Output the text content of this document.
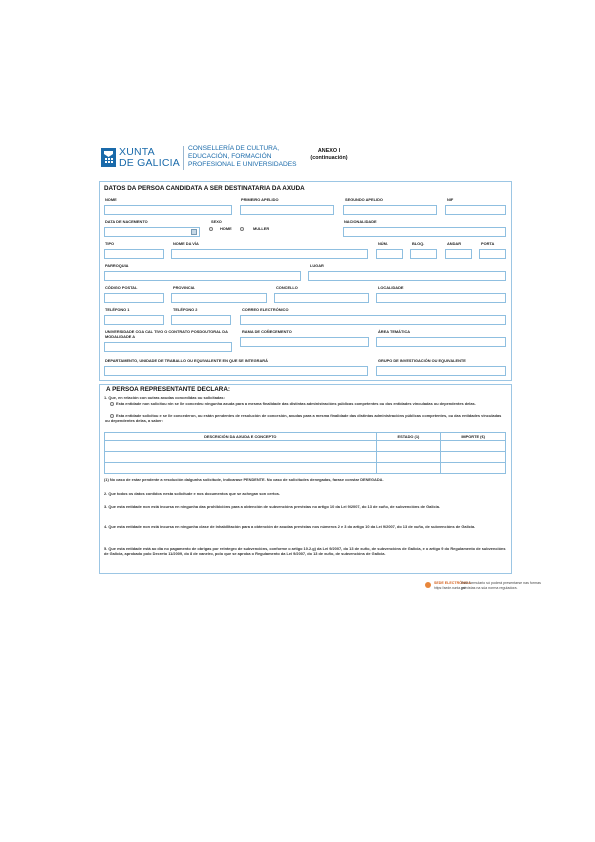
XUNTA
DE GALICIA
CONSELLERÍA DE CULTURA,
EDUCACIÓN, FORMACIÓN
PROFESIONAL E UNIVERSIDADES
ANEXO I
(continuación)
DATOS DA PERSOA CANDIDATA A SER DESTINATARIA DA AXUDA
NOME	PRIMEIRO APELIDO	SEGUNDO APELIDO	NIF
DATA DE NACEMENTO	SEXO
HOME	MULLER
NACIONALIDADE
TIPO	NOME DA VÍA	NÚM.	BLOQ.	ANDAR	PORTA
PARROQUIA	LUGAR
CÓDIGO POSTAL	PROVINCIA	CONCELLO	LOCALIDADE
TELÉFONO 1	TELÉFONO 2	CORREO ELECTRÓNICO
UNIVERSIDADE COA CAL TIVO O CONTRATO POSDOUTORAL DA MODALIDADE A
RAMA DE COÑECEMENTO	ÁREA TEMÁTICA
DEPARTAMENTO, UNIDADE DE TRABALLO OU EQUIVALENTE EN QUE SE INTEGRARÁ	GRUPO DE INVESTIGACIÓN OU EQUIVALENTE
A PERSOA REPRESENTANTE DECLARA:
1. Que, en relación con outras axudas concedidas ou solicitadas:
Esta entidade non solicitou nin se lle concedeu ningunha axuda para a mesma finalidade das distintas administracións públicas competentes ou dos entidades vinculadas ou dependentes delas.
Esta entidade solicitou e se lle concederon, ou están pendentes de resolución de concesión, axudas para a mesma finalidade das distintas administracións públicas competentes, ou das entidades vinculadas ou dependentes delas, a saber:
DESCRICIÓN DA AXUDA E CONCEPTO	ESTADO (1)	IMPORTE (€)

(1) No caso de estar pendente a resolución dalgunha solicitude, indicarase PENDENTE. No caso de solicitudes denegadas, farase constar DENEGADA.
2. Que todos os datos contidos nesta solicitude e nos documentos que se achegan son certos.
3. Que esta entidade non está incursa en ningunha das prohibicións para a obtención de subvencións previstas no artigo 10 da Lei 9/2007, do 13 de xuño, de subvencións de Galicia.
4. Que esta entidade non está incursa en ningunha clase de inhabilitación para a obtención de axudas previstas nos números 2 e 3 do artigo 10 da Lei 9/2007, do 13 de xuño, de subvencións de Galicia.
5. Que esta entidade está ao día no pagamento de obrigas por reintegro de subvencións, conforme o artigo 10.2.g) da Lei 9/2007, do 13 de xuño, de subvencións de Galicia, e o artigo 9 do Regulamento de subvencións de Galicia, aprobado polo Decreto 11/2009, do 8 de xaneiro, polo que se aproba o Regulamento da Lei 9/2007, do 13 de xuño, de subvencións de Galicia.
SEDE ELECTRÓNICA
https://sede.xunta.gal
Este formulario só poderá presentarse nas formas previstas na súa norma reguladora.
